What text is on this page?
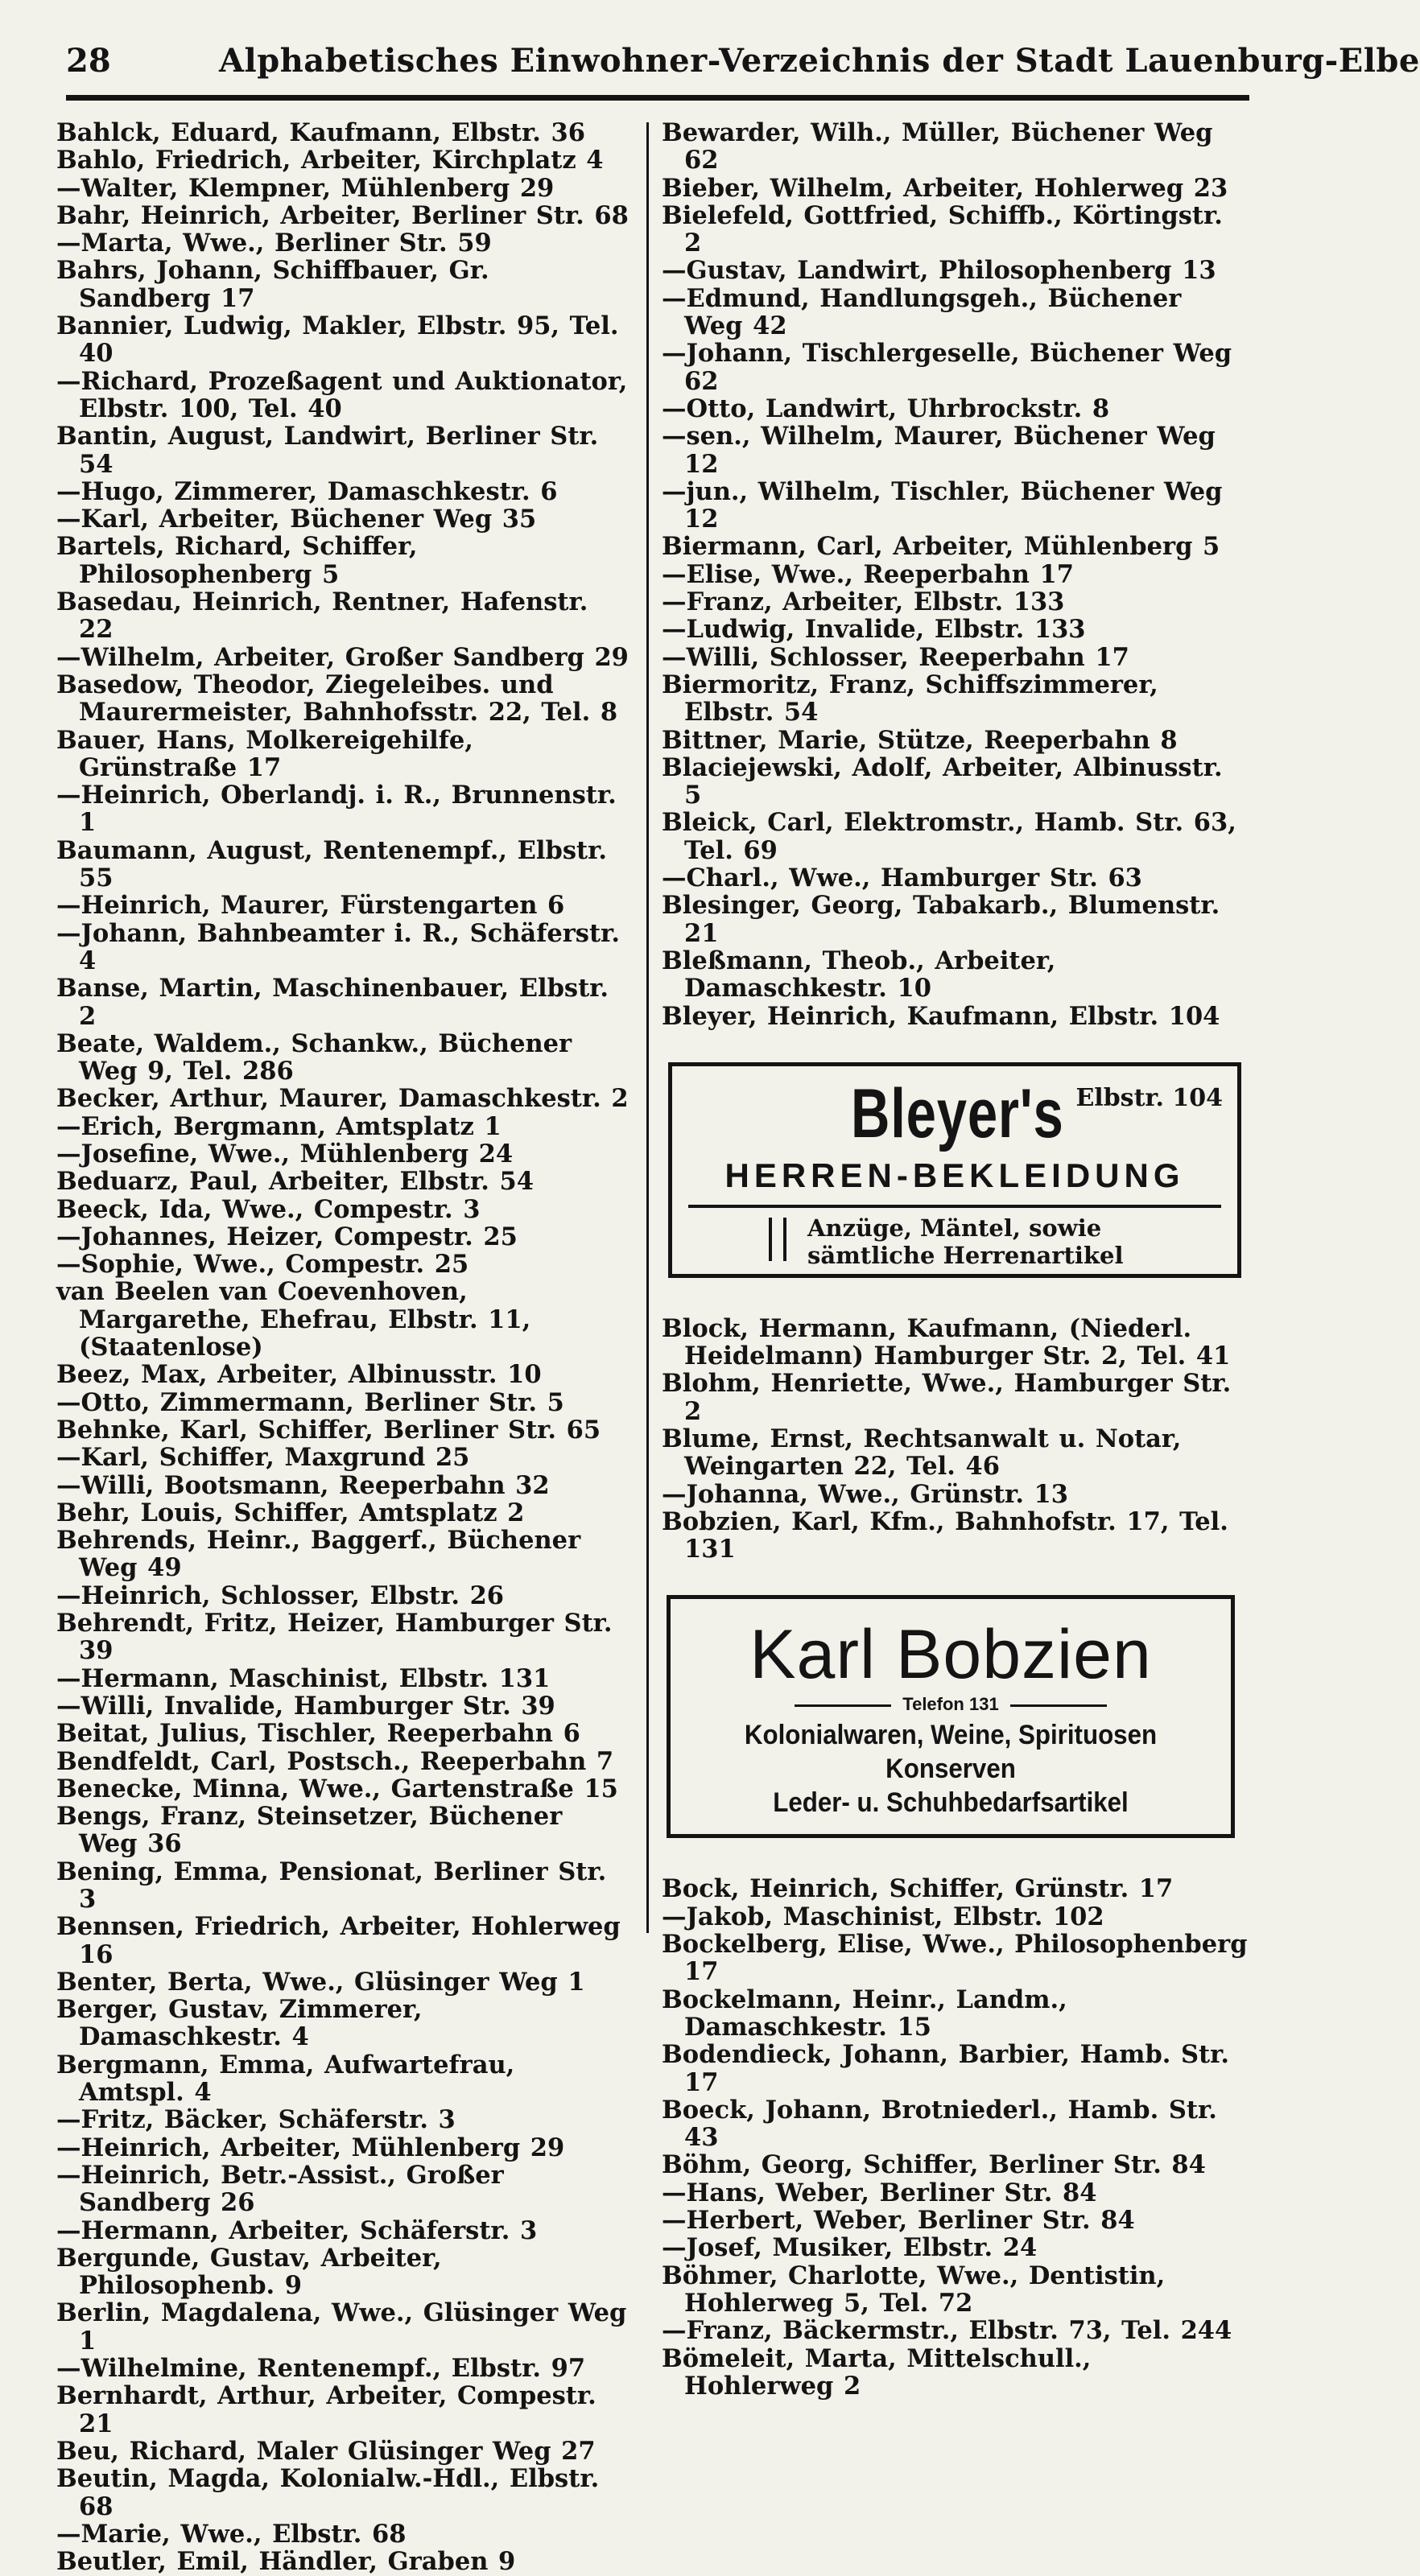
28	Alphabetisches Einwohner-Verzeichnis der Stadt Lauenburg-Elbe
Bahlck, Eduard, Kaufmann, Elbstr. 36
Bahlo, Friedrich, Arbeiter, Kirchplatz 4
—Walter, Klempner, Mühlenberg 29
Bahr, Heinrich, Arbeiter, Berliner Str. 68
—Marta, Wwe., Berliner Str. 59
Bahrs, Johann, Schiffbauer, Gr. Sandberg 17
Bannier, Ludwig, Makler, Elbstr. 95, Tel. 40
—Richard, Prozeßagent und Auktionator, Elbstr. 100, Tel. 40
Bantin, August, Landwirt, Berliner Str. 54
—Hugo, Zimmerer, Damaschkestr. 6
—Karl, Arbeiter, Büchener Weg 35
Bartels, Richard, Schiffer, Philosophenberg 5
Basedau, Heinrich, Rentner, Hafenstr. 22
—Wilhelm, Arbeiter, Großer Sandberg 29
Basedow, Theodor, Ziegeleibes. und Maurermeister, Bahnhofsstr. 22, Tel. 8
Bauer, Hans, Molkereigehilfe, Grünstraße 17
—Heinrich, Oberlandj. i. R., Brunnenstr. 1
Baumann, August, Rentenempf., Elbstr. 55
—Heinrich, Maurer, Fürstengarten 6
—Johann, Bahnbeamter i. R., Schäferstr. 4
Banse, Martin, Maschinenbauer, Elbstr. 2
Beate, Waldem., Schankw., Büchener Weg 9, Tel. 286
Becker, Arthur, Maurer, Damaschkestr. 2
—Erich, Bergmann, Amtsplatz 1
—Josefine, Wwe., Mühlenberg 24
Beduarz, Paul, Arbeiter, Elbstr. 54
Beeck, Ida, Wwe., Compestr. 3
—Johannes, Heizer, Compestr. 25
—Sophie, Wwe., Compestr. 25
van Beelen van Coevenhoven, Margarethe, Ehefrau, Elbstr. 11, (Staatenlose)
Beez, Max, Arbeiter, Albinusstr. 10
—Otto, Zimmermann, Berliner Str. 5
Behnke, Karl, Schiffer, Berliner Str. 65
—Karl, Schiffer, Maxgrund 25
—Willi, Bootsmann, Reeperbahn 32
Behr, Louis, Schiffer, Amtsplatz 2
Behrends, Heinr., Baggerf., Büchener Weg 49
—Heinrich, Schlosser, Elbstr. 26
Behrendt, Fritz, Heizer, Hamburger Str. 39
—Hermann, Maschinist, Elbstr. 131
—Willi, Invalide, Hamburger Str. 39
Beitat, Julius, Tischler, Reeperbahn 6
Bendfeldt, Carl, Postsch., Reeperbahn 7
Benecke, Minna, Wwe., Gartenstraße 15
Bengs, Franz, Steinsetzer, Büchener Weg 36
Bening, Emma, Pensionat, Berliner Str. 3
Bennsen, Friedrich, Arbeiter, Hohlerweg 16
Benter, Berta, Wwe., Glüsinger Weg 1
Berger, Gustav, Zimmerer, Damaschkestr. 4
Bergmann, Emma, Aufwartefrau, Amtspl. 4
—Fritz, Bäcker, Schäferstr. 3
—Heinrich, Arbeiter, Mühlenberg 29
—Heinrich, Betr.-Assist., Großer Sandberg 26
—Hermann, Arbeiter, Schäferstr. 3
Bergunde, Gustav, Arbeiter, Philosophenb. 9
Berlin, Magdalena, Wwe., Glüsinger Weg 1
—Wilhelmine, Rentenempf., Elbstr. 97
Bernhardt, Arthur, Arbeiter, Compestr. 21
Beu, Richard, Maler Glüsinger Weg 27
Beutin, Magda, Kolonialw.-Hdl., Elbstr. 68
—Marie, Wwe., Elbstr. 68
Beutler, Emil, Händler, Graben 9
Bewarder, Wilh., Müller, Büchener Weg 62
Bieber, Wilhelm, Arbeiter, Hohlerweg 23
Bielefeld, Gottfried, Schiffb., Körtingstr. 2
—Gustav, Landwirt, Philosophenberg 13
—Edmund, Handlungsgeh., Büchener Weg 42
—Johann, Tischlergeselle, Büchener Weg 62
—Otto, Landwirt, Uhrbrockstr. 8
—sen., Wilhelm, Maurer, Büchener Weg 12
—jun., Wilhelm, Tischler, Büchener Weg 12
Biermann, Carl, Arbeiter, Mühlenberg 5
—Elise, Wwe., Reeperbahn 17
—Franz, Arbeiter, Elbstr. 133
—Ludwig, Invalide, Elbstr. 133
—Willi, Schlosser, Reeperbahn 17
Biermoritz, Franz, Schiffszimmerer, Elbstr. 54
Bittner, Marie, Stütze, Reeperbahn 8
Blaciejewski, Adolf, Arbeiter, Albinusstr. 5
Bleick, Carl, Elektromstr., Hamb. Str. 63, Tel. 69
—Charl., Wwe., Hamburger Str. 63
Blesinger, Georg, Tabakarb., Blumenstr. 21
Bleßmann, Theob., Arbeiter, Damaschkestr. 10
Bleyer, Heinrich, Kaufmann, Elbstr. 104
Bleyer's Elbstr. 104
HERREN-BEKLEIDUNG
Anzüge, Mäntel, sowie sämtliche Herrenartikel
Block, Hermann, Kaufmann, (Niederl. Heidelmann) Hamburger Str. 2, Tel. 41
Blohm, Henriette, Wwe., Hamburger Str. 2
Blume, Ernst, Rechtsanwalt u. Notar, Weingarten 22, Tel. 46
—Johanna, Wwe., Grünstr. 13
Bobzien, Karl, Kfm., Bahnhofstr. 17, Tel. 131
Karl Bobzien
Telefon 131
Kolonialwaren, Weine, Spirituosen
Konserven
Leder- u. Schuhbedarfsartikel
Bock, Heinrich, Schiffer, Grünstr. 17
—Jakob, Maschinist, Elbstr. 102
Bockelberg, Elise, Wwe., Philosophenberg 17
Bockelmann, Heinr., Landm., Damaschkestr. 15
Bodendieck, Johann, Barbier, Hamb. Str. 17
Boeck, Johann, Brotniederl., Hamb. Str. 43
Böhm, Georg, Schiffer, Berliner Str. 84
—Hans, Weber, Berliner Str. 84
—Herbert, Weber, Berliner Str. 84
—Josef, Musiker, Elbstr. 24
Böhmer, Charlotte, Wwe., Dentistin, Hohlerweg 5, Tel. 72
—Franz, Bäckermstr., Elbstr. 73, Tel. 244
Bömeleit, Marta, Mittelschull., Hohlerweg 2
